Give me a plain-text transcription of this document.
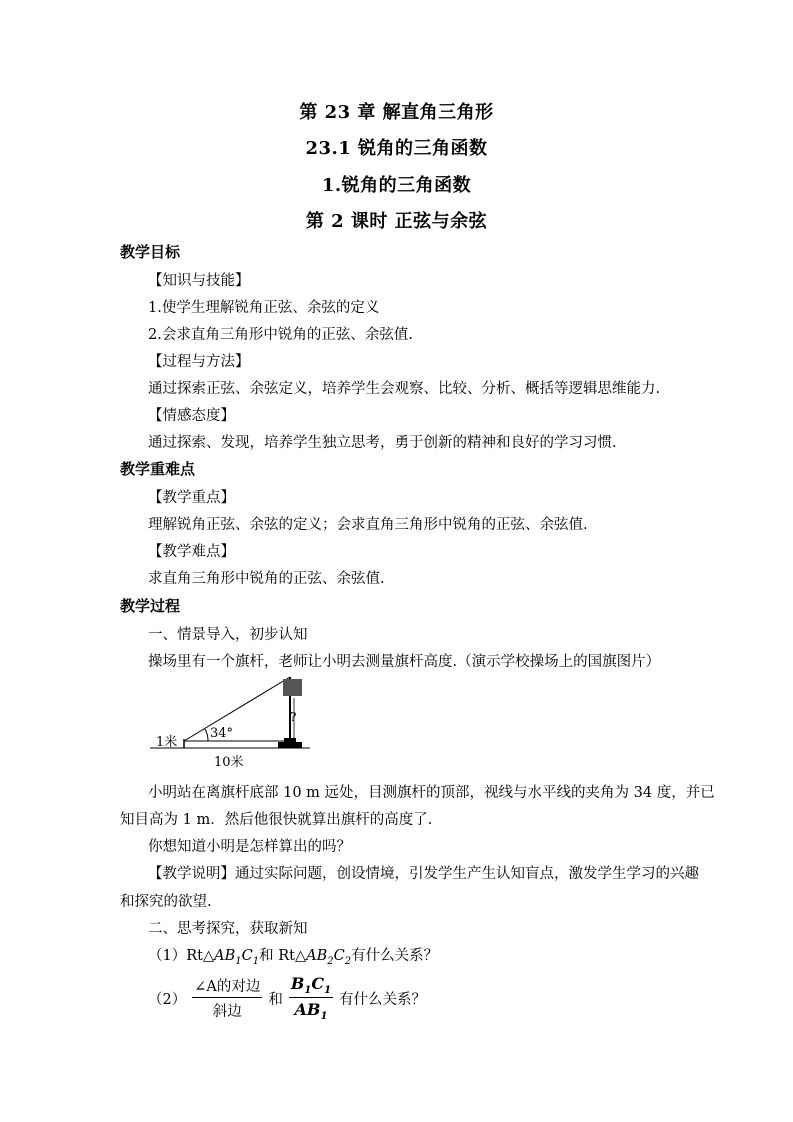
第 23 章 解直角三角形
23.1 锐角的三角函数
1.锐角的三角函数
第 2 课时 正弦与余弦
教学目标
【知识与技能】
1.使学生理解锐角正弦、余弦的定义
2.会求直角三角形中锐角的正弦、余弦值.
【过程与方法】
通过探索正弦、余弦定义，培养学生会观察、比较、分析、概括等逻辑思维能力.
【情感态度】
通过探索、发现，培养学生独立思考，勇于创新的精神和良好的学习习惯.
教学重难点
【教学重点】
理解锐角正弦、余弦的定义；会求直角三角形中锐角的正弦、余弦值.
【教学难点】
求直角三角形中锐角的正弦、余弦值.
教学过程
一、情景导入，初步认知
操场里有一个旗杆，老师让小明去测量旗杆高度.（演示学校操场上的国旗图片）
34°
?
1米
10米
小明站在离旗杆底部 10 m 远处，目测旗杆的顶部，视线与水平线的夹角为 34 度，并已
知目高为 1 m．然后他很快就算出旗杆的高度了.
你想知道小明是怎样算出的吗？
【教学说明】通过实际问题，创设情境，引发学生产生认知盲点，激发学生学习的兴趣
和探究的欲望.
二、思考探究，获取新知
$(1)Rt\triangle AB_1C_1$和 $Rt\triangle AB_2C_2$有什么关系？
$(2) \frac{\text{∠A的对边}}{\text{斜边}}$ 和 $\frac{B_1C_1}{AB_1}$ 有什么关系？
